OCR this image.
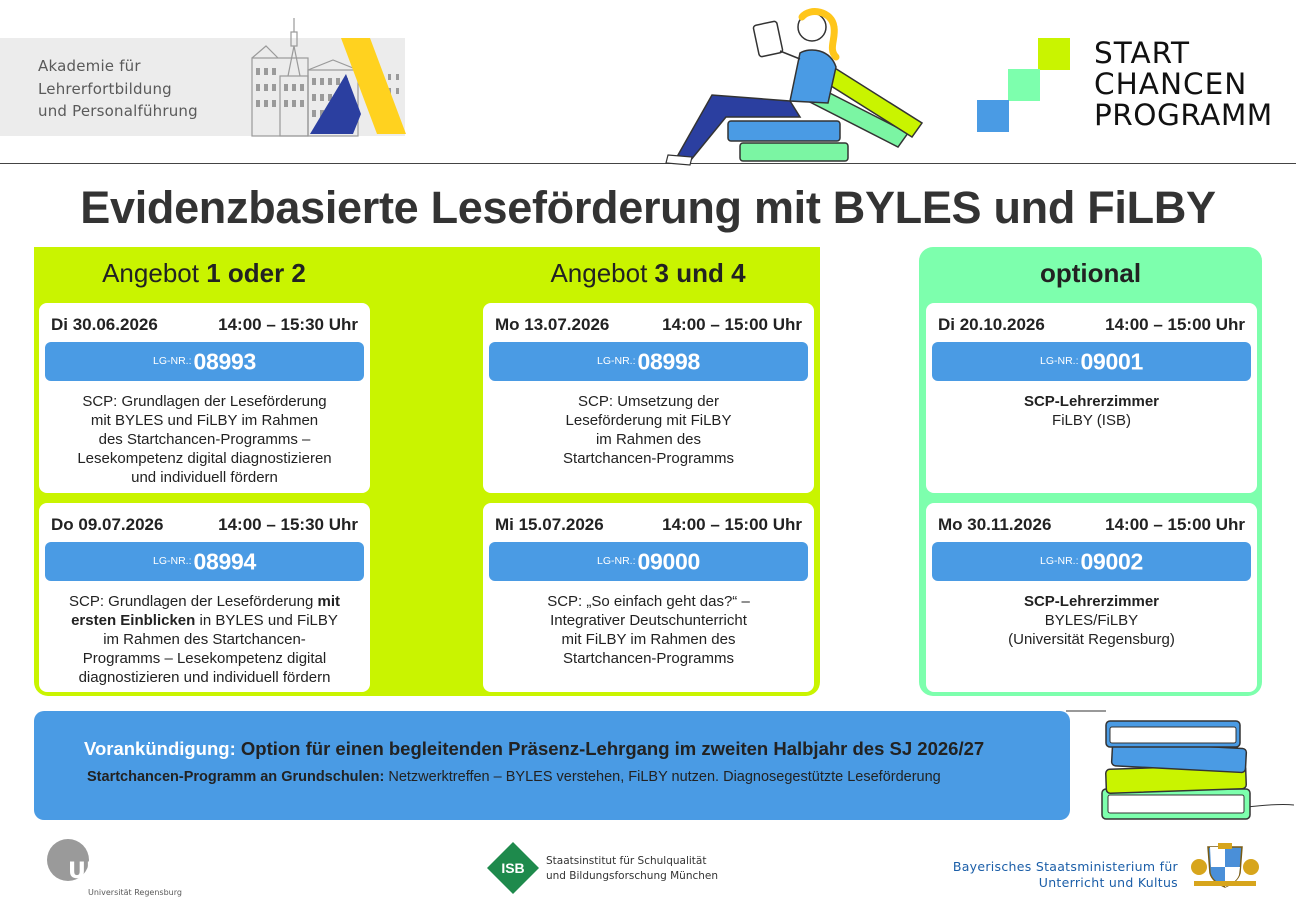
Akademie für
Lehrerfortbildung
und Personalführung
START
CHANCEN
PROGRAMM
Evidenzbasierte Leseförderung mit BYLES und FiLBY
Angebot 1 oder 2	Angebot 3 und 4	optional
Di 30.06.2026	14:00 – 15:30 Uhr
LG-NR.:08993
SCP: Grundlagen der Leseförderung
mit BYLES und FiLBY im Rahmen
des Startchancen-Programms –
Lesekompetenz digital diagnostizieren
und individuell fördern
Do 09.07.2026	14:00 – 15:30 Uhr
LG-NR.:08994
SCP: Grundlagen der Leseförderung mit
ersten Einblicken in BYLES und FiLBY
im Rahmen des Startchancen-
Programms – Lesekompetenz digital
diagnostizieren und individuell fördern
Mo 13.07.2026	14:00 – 15:00 Uhr
LG-NR.:08998
SCP: Umsetzung der
Leseförderung mit FiLBY
im Rahmen des
Startchancen-Programms
Mi 15.07.2026	14:00 – 15:00 Uhr
LG-NR.:09000
SCP: „So einfach geht das?“ –
Integrativer Deutschunterricht
mit FiLBY im Rahmen des
Startchancen-Programms
Di 20.10.2026	14:00 – 15:00 Uhr
LG-NR.:09001
SCP-Lehrerzimmer
FiLBY (ISB)
Mo 30.11.2026	14:00 – 15:00 Uhr
LG-NR.:09002
SCP-Lehrerzimmer
BYLES/FiLBY
(Universität Regensburg)
Vorankündigung: Option für einen begleitenden Präsenz-Lehrgang im zweiten Halbjahr des SJ 2026/27
Startchancen-Programm an Grundschulen: Netzwerktreffen – BYLES verstehen, FiLBY nutzen. Diagnosegestützte Leseförderung
UR
Universität Regensburg
ISB Staatsinstitut für Schulqualität
und Bildungsforschung München
Bayerisches Staatsministerium für
Unterricht und Kultus
